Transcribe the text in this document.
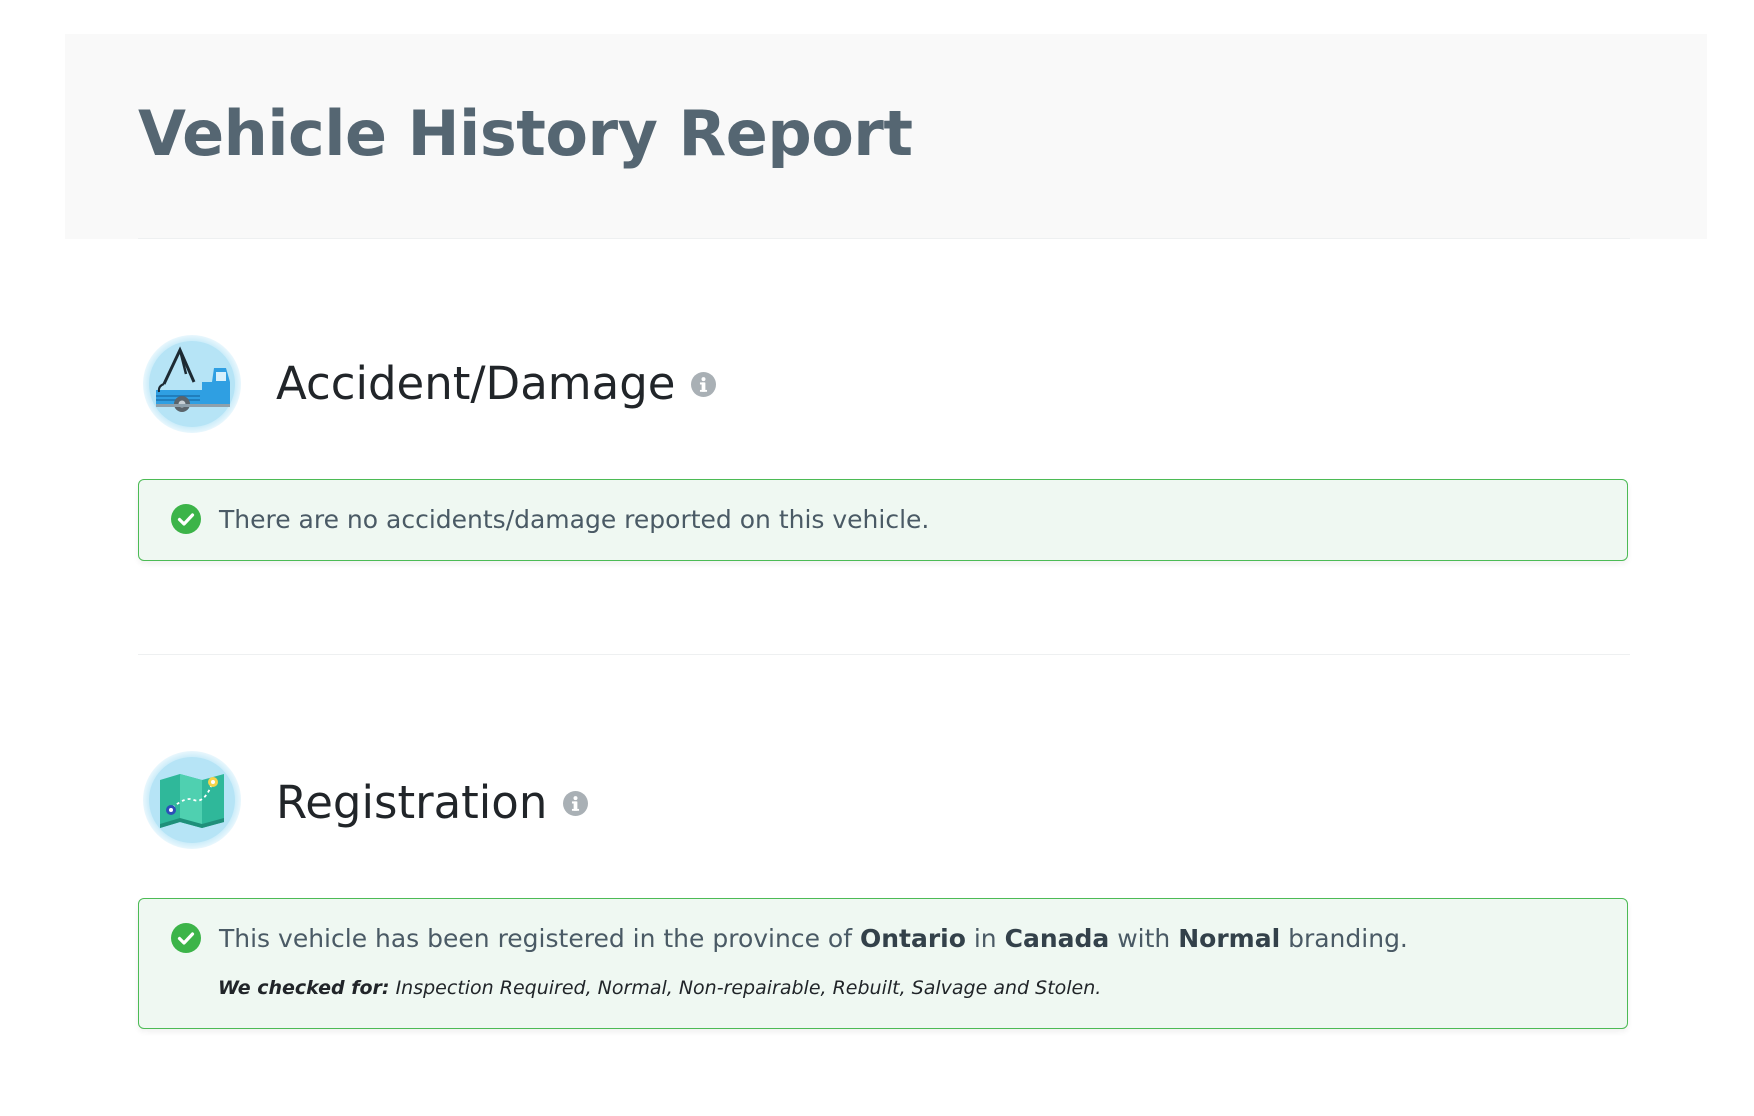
Vehicle History Report
Accident/Damage
There are no accidents/damage reported on this vehicle.
Registration
This vehicle has been registered in the province of Ontario in Canada with Normal branding.
We checked for: Inspection Required, Normal, Non-repairable, Rebuilt, Salvage and Stolen.
